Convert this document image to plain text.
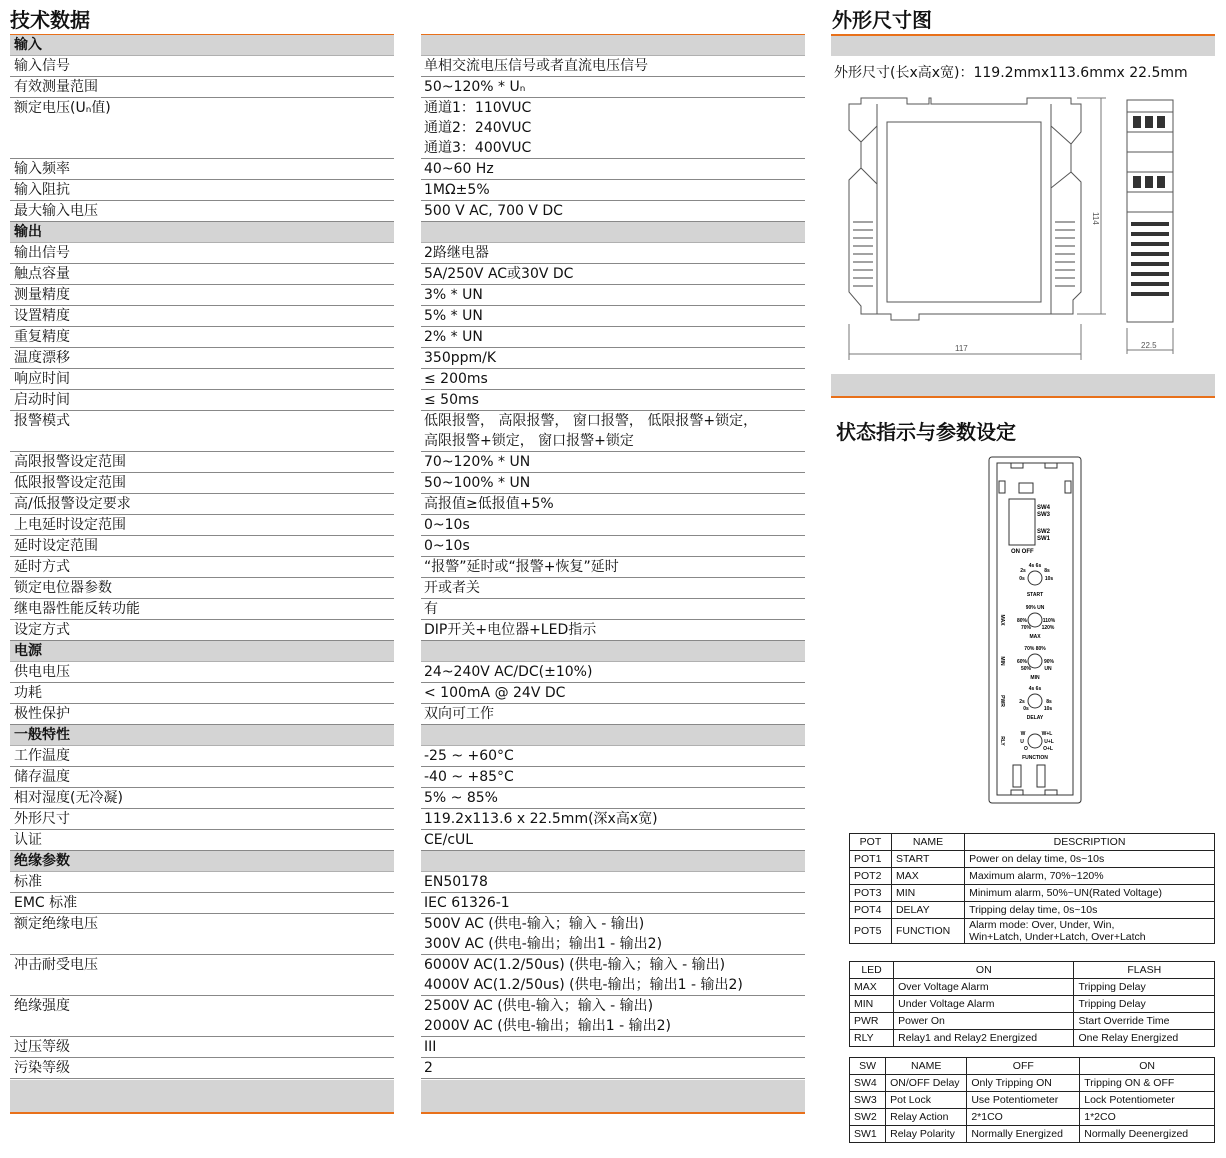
技术数据
输入
输入信号	单相交流电压信号或者直流电压信号
有效测量范围	50~120% * Uₙ
额定电压(Uₙ值)	通道1：110VUC
通道2：240VUC
通道3：400VUC
输入频率	40~60 Hz
输入阻抗	1MΩ±5%
最大输入电压	500 V AC, 700 V DC
输出
输出信号	2路继电器
触点容量	5A/250V AC或30V DC
测量精度	3% * UN
设置精度	5% * UN
重复精度	2% * UN
温度漂移	350ppm/K
响应时间	≤ 200ms
启动时间	≤ 50ms
报警模式	低限报警， 高限报警， 窗口报警， 低限报警+锁定，
高限报警+锁定， 窗口报警+锁定
高限报警设定范围	70~120% * UN
低限报警设定范围	50~100% * UN
高/低报警设定要求	高报值≥低报值+5%
上电延时设定范围	0~10s
延时设定范围	0~10s
延时方式	“报警”延时或“报警+恢复”延时
锁定电位器参数	开或者关
继电器性能反转功能	有
设定方式	DIP开关+电位器+LED指示
电源
供电电压	24~240V AC/DC(±10%)
功耗	< 100mA @ 24V DC
极性保护	双向可工作
一般特性
工作温度	-25 ~ +60°C
储存温度	-40 ~ +85°C
相对湿度(无冷凝)	5% ~ 85%
外形尺寸	119.2x113.6 x 22.5mm(深x高x宽)
认证	CE/cUL
绝缘参数
标准	EN50178
EMC 标准	IEC 61326-1
额定绝缘电压	500V AC (供电-输入；输入 - 输出)
300V AC (供电-输出；输出1 - 输出2)
冲击耐受电压	6000V AC(1.2/50us) (供电-输入；输入 - 输出)
4000V AC(1.2/50us) (供电-输出；输出1 - 输出2)
绝缘强度	2500V AC (供电-输入；输入 - 输出)
2000V AC (供电-输出；输出1 - 输出2)
过压等级	III
污染等级	2
外形尺寸图
外形尺寸(长x高x宽)：119.2mmx113.6mmx 22.5mm
117
114
22.5
状态指示与参数设定
SW4
SW3
SW2
SW1
ON OFF
4s 6s
2s	8s
0s	10s
START
90% UN
80%	110%
70% 120%
MAX
MAX
70% 80%
60%	90%
50%	UN
MIN
MIN
4s 6s
2s	8s
0s	10s
DELAY
PWR
W	W+L
U	U+L
O	O+L
FUNCTION
RLY
POT	NAME	DESCRIPTION
POT1	START	Power on delay time, 0s~10s
POT2	MAX	Maximum alarm, 70%~120%
POT3	MIN	Minimum alarm, 50%~UN(Rated Voltage)
POT4	DELAY	Tripping delay time, 0s~10s
POT5	FUNCTION	Alarm mode: Over, Under, Win,
Win+Latch, Under+Latch, Over+Latch
LED	ON	FLASH
MAX	Over Voltage Alarm	Tripping Delay
MIN	Under Voltage Alarm	Tripping Delay
PWR	Power On	Start Override Time
RLY	Relay1 and Relay2 Energized	One Relay Energized
SW	NAME	OFF	ON
SW4	ON/OFF Delay	Only Tripping ON	Tripping ON & OFF
SW3	Pot Lock	Use Potentiometer	Lock Potentiometer
SW2	Relay Action	2*1CO	1*2CO
SW1	Relay Polarity	Normally Energized	Normally Deenergized
